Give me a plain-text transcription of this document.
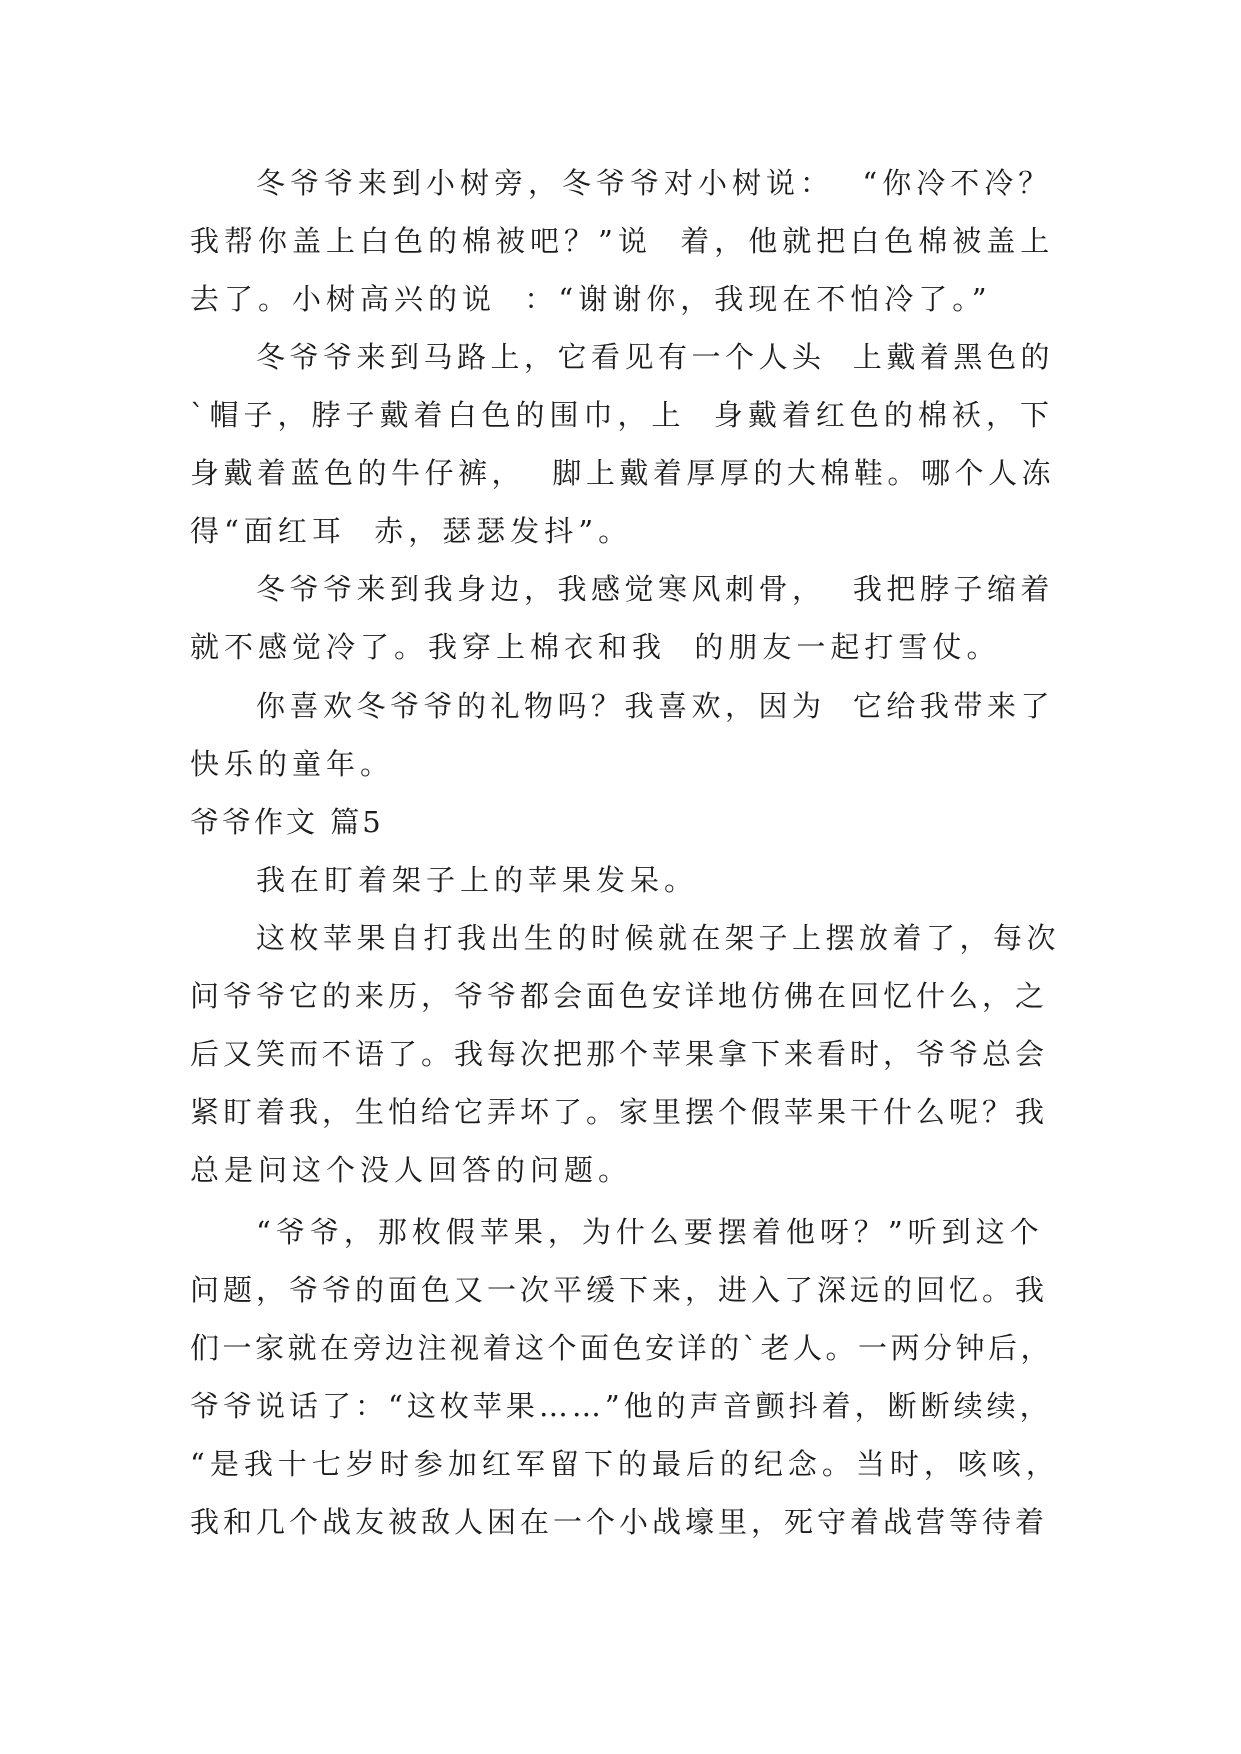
冬爷爷来到小树旁，冬爷爷对小树说：  “你冷不冷？
我帮你盖上白色的棉被吧？”说  着，他就把白色棉被盖上
去了。小树高兴的说  ：“谢谢你，我现在不怕冷了。”
冬爷爷来到马路上，它看见有一个人头  上戴着黑色的
`帽子，脖子戴着白色的围巾，上  身戴着红色的棉袄，下
身戴着蓝色的牛仔裤，  脚上戴着厚厚的大棉鞋。哪个人冻
得“面红耳  赤，瑟瑟发抖”。
冬爷爷来到我身边，我感觉寒风刺骨，  我把脖子缩着
就不感觉冷了。我穿上棉衣和我  的朋友一起打雪仗。
你喜欢冬爷爷的礼物吗？我喜欢，因为  它给我带来了
快乐的童年。
爷爷作文 篇5
我在盯着架子上的苹果发呆。
这枚苹果自打我出生的时候就在架子上摆放着了，每次
问爷爷它的来历，爷爷都会面色安详地仿佛在回忆什么，之
后又笑而不语了。我每次把那个苹果拿下来看时，爷爷总会
紧盯着我，生怕给它弄坏了。家里摆个假苹果干什么呢？我
总是问这个没人回答的问题。
“爷爷，那枚假苹果，为什么要摆着他呀？”听到这个
问题，爷爷的面色又一次平缓下来，进入了深远的回忆。我
们一家就在旁边注视着这个面色安详的`老人。一两分钟后，
爷爷说话了：“这枚苹果……”他的声音颤抖着，断断续续，
“是我十七岁时参加红军留下的最后的纪念。当时，咳咳，
我和几个战友被敌人困在一个小战壕里，死守着战营等待着
